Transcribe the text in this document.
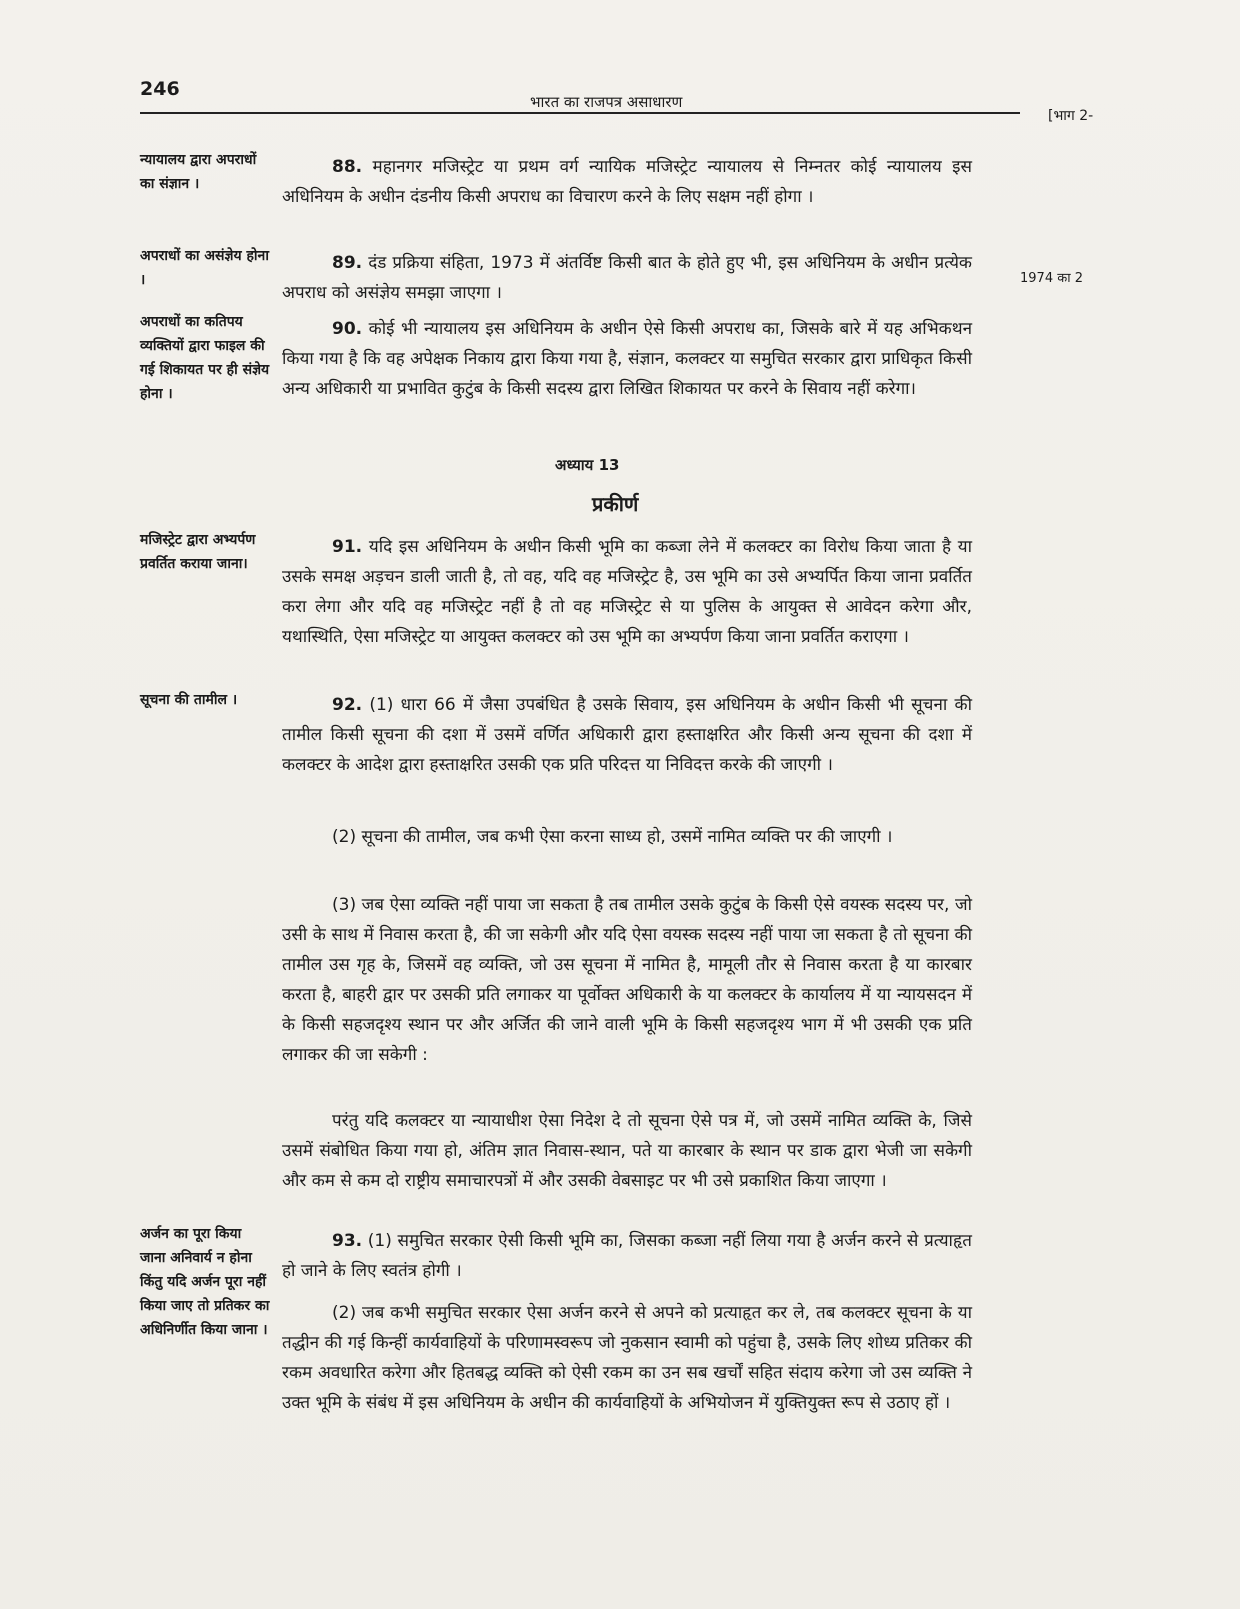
246
भारत का राजपत्र असाधारण
[भाग 2-
1974 का 2
न्यायालय द्वारा अपराधों का संज्ञान ।
88. महानगर मजिस्ट्रेट या प्रथम वर्ग न्यायिक मजिस्ट्रेट न्यायालय से निम्नतर कोई न्यायालय इस अधिनियम के अधीन दंडनीय किसी अपराध का विचारण करने के लिए सक्षम नहीं होगा ।
अपराधों का असंज्ञेय होना ।
89. दंड प्रक्रिया संहिता, 1973 में अंतर्विष्ट किसी बात के होते हुए भी, इस अधिनियम के अधीन प्रत्येक अपराध को असंज्ञेय समझा जाएगा ।
अपराधों का कतिपय व्यक्तियों द्वारा फाइल की गई शिकायत पर ही संज्ञेय होना ।
90. कोई भी न्यायालय इस अधिनियम के अधीन ऐसे किसी अपराध का, जिसके बारे में यह अभिकथन किया गया है कि वह अपेक्षक निकाय द्वारा किया गया है, संज्ञान, कलक्टर या समुचित सरकार द्वारा प्राधिकृत किसी अन्य अधिकारी या प्रभावित कुटुंब के किसी सदस्य द्वारा लिखित शिकायत पर करने के सिवाय नहीं करेगा।
अध्याय 13
प्रकीर्ण
मजिस्ट्रेट द्वारा अभ्यर्पण प्रवर्तित कराया जाना।
91. यदि इस अधिनियम के अधीन किसी भूमि का कब्जा लेने में कलक्टर का विरोध किया जाता है या उसके समक्ष अड़चन डाली जाती है, तो वह, यदि वह मजिस्ट्रेट है, उस भूमि का उसे अभ्यर्पित किया जाना प्रवर्तित करा लेगा और यदि वह मजिस्ट्रेट नहीं है तो वह मजिस्ट्रेट से या पुलिस के आयुक्त से आवेदन करेगा और, यथास्थिति, ऐसा मजिस्ट्रेट या आयुक्त कलक्टर को उस भूमि का अभ्यर्पण किया जाना प्रवर्तित कराएगा ।
सूचना की तामील ।	92. (1) धारा 66 में जैसा उपबंधित है उसके सिवाय, इस अधिनियम के अधीन किसी भी सूचना की तामील किसी सूचना की दशा में उसमें वर्णित अधिकारी द्वारा हस्ताक्षरित और किसी अन्य सूचना की दशा में कलक्टर के आदेश द्वारा हस्ताक्षरित उसकी एक प्रति परिदत्त या निविदत्त करके की जाएगी ।
(2) सूचना की तामील, जब कभी ऐसा करना साध्य हो, उसमें नामित व्यक्ति पर की जाएगी ।
(3) जब ऐसा व्यक्ति नहीं पाया जा सकता है तब तामील उसके कुटुंब के किसी ऐसे वयस्क सदस्य पर, जो उसी के साथ में निवास करता है, की जा सकेगी और यदि ऐसा वयस्क सदस्य नहीं पाया जा सकता है तो सूचना की तामील उस गृह के, जिसमें वह व्यक्ति, जो उस सूचना में नामित है, मामूली तौर से निवास करता है या कारबार करता है, बाहरी द्वार पर उसकी प्रति लगाकर या पूर्वोक्त अधिकारी के या कलक्टर के कार्यालय में या न्यायसदन में के किसी सहजदृश्य स्थान पर और अर्जित की जाने वाली भूमि के किसी सहजदृश्य भाग में भी उसकी एक प्रति लगाकर की जा सकेगी :
परंतु यदि कलक्टर या न्यायाधीश ऐसा निदेश दे तो सूचना ऐसे पत्र में, जो उसमें नामित व्यक्ति के, जिसे उसमें संबोधित किया गया हो, अंतिम ज्ञात निवास-स्थान, पते या कारबार के स्थान पर डाक द्वारा भेजी जा सकेगी और कम से कम दो राष्ट्रीय समाचारपत्रों में और उसकी वेबसाइट पर भी उसे प्रकाशित किया जाएगा ।
अर्जन का पूरा किया जाना अनिवार्य न होना किंतु यदि अर्जन पूरा नहीं किया जाए तो प्रतिकर का अधिनिर्णीत किया जाना ।
93. (1) समुचित सरकार ऐसी किसी भूमि का, जिसका कब्जा नहीं लिया गया है अर्जन करने से प्रत्याहृत हो जाने के लिए स्वतंत्र होगी ।
(2) जब कभी समुचित सरकार ऐसा अर्जन करने से अपने को प्रत्याहृत कर ले, तब कलक्टर सूचना के या तद्धीन की गई किन्हीं कार्यवाहियों के परिणामस्वरूप जो नुकसान स्वामी को पहुंचा है, उसके लिए शोध्य प्रतिकर की रकम अवधारित करेगा और हितबद्ध व्यक्ति को ऐसी रकम का उन सब खर्चों सहित संदाय करेगा जो उस व्यक्ति ने उक्त भूमि के संबंध में इस अधिनियम के अधीन की कार्यवाहियों के अभियोजन में युक्तियुक्त रूप से उठाए हों ।
